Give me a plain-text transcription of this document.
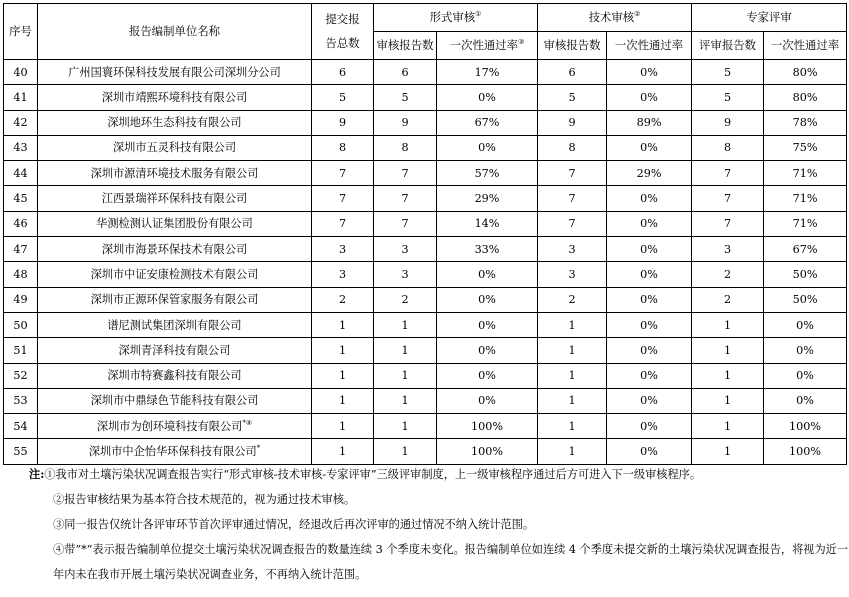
序号	报告编制单位名称	提交报
告总数	形式审核①		技术审核②		专家评审	
			审核报告数	一次性通过率③	审核报告数	一次性通过率	评审报告数	一次性通过率
40	广州国寰环保科技发展有限公司深圳分公司	6	6	17%	6	0%	5	80%
41	深圳市靖熙环境科技有限公司	5	5	0%	5	0%	5	80%
42	深圳地环生态科技有限公司	9	9	67%	9	89%	9	78%
43	深圳市五灵科技有限公司	8	8	0%	8	0%	8	75%
44	深圳市源清环境技术服务有限公司	7	7	57%	7	29%	7	71%
45	江西景瑞祥环保科技有限公司	7	7	29%	7	0%	7	71%
46	华测检测认证集团股份有限公司	7	7	14%	7	0%	7	71%
47	深圳市海景环保技术有限公司	3	3	33%	3	0%	3	67%
48	深圳市中证安康检测技术有限公司	3	3	0%	3	0%	2	50%
49	深圳市正源环保管家服务有限公司	2	2	0%	2	0%	2	50%
50	谱尼测试集团深圳有限公司	1	1	0%	1	0%	1	0%
51	深圳青泽科技有限公司	1	1	0%	1	0%	1	0%
52	深圳市特赛鑫科技有限公司	1	1	0%	1	0%	1	0%
53	深圳市中鼎绿色节能科技有限公司	1	1	0%	1	0%	1	0%
54	深圳市为创环境科技有限公司*④	1	1	100%	1	0%	1	100%
55	深圳市中企怡华环保科技有限公司*	1	1	100%	1	0%	1	100%
注:①我市对土壤污染状况调查报告实行“形式审核-技术审核-专家评审”三级评审制度，上一级审核程序通过后方可进入下一级审核程序。
②报告审核结果为基本符合技术规范的，视为通过技术审核。
③同一报告仅统计各评审环节首次评审通过情况，经退改后再次评审的通过情况不纳入统计范围。
④带“*”表示报告编制单位提交土壤污染状况调查报告的数量连续 3 个季度未变化。报告编制单位如连续 4 个季度未提交新的土壤污染状况调查报告，将视为近一
年内未在我市开展土壤污染状况调查业务，不再纳入统计范围。
